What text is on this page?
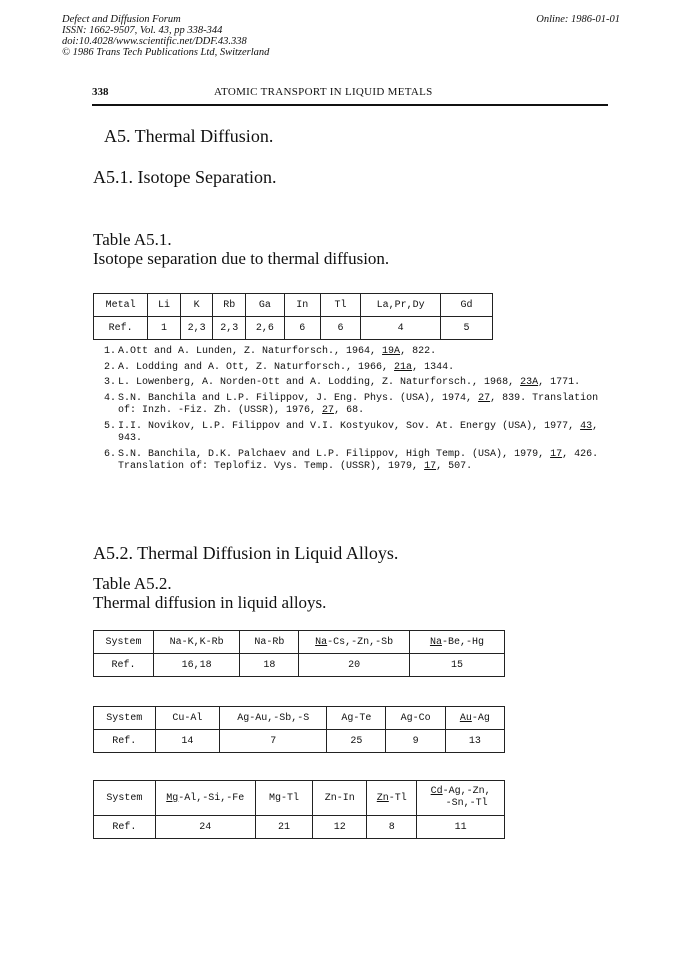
Defect and Diffusion Forum
ISSN: 1662-9507, Vol. 43, pp 338-344
doi:10.4028/www.scientific.net/DDF.43.338
© 1986 Trans Tech Publications Ltd, Switzerland
Online: 1986-01-01
338	ATOMIC TRANSPORT IN LIQUID METALS
A5. Thermal Diffusion.
A5.1. Isotope Separation.
Table A5.1.
Isotope separation due to thermal diffusion.
Metal	Li	K	Rb	Ga	In	Tl	La,Pr,Dy	Gd
Ref.	1	2,3	2,3	2,6	6	6	4	5
1. A.Ott and A. Lunden, Z. Naturforsch., 1964, 19A, 822.
2. A. Lodding and A. Ott, Z. Naturforsch., 1966, 21a, 1344.
3. L. Lowenberg, A. Norden-Ott and A. Lodding, Z. Naturforsch., 1968, 23A, 1771.
4. S.N. Banchila and L.P. Filippov, J. Eng. Phys. (USA), 1974, 27, 839. Translation of: Inzh. -Fiz. Zh. (USSR), 1976, 27, 68.
5. I.I. Novikov, L.P. Filippov and V.I. Kostyukov, Sov. At. Energy (USA), 1977, 43, 943.
6. S.N. Banchila, D.K. Palchaev and L.P. Filippov, High Temp. (USA), 1979, 17, 426. Translation of: Teplofiz. Vys. Temp. (USSR), 1979, 17, 507.
A5.2. Thermal Diffusion in Liquid Alloys.
Table A5.2.
Thermal diffusion in liquid alloys.
System	Na-K,K-Rb	Na-Rb	Na-Cs,-Zn,-Sb	Na-Be,-Hg
Ref.	16,18	18	20	15
System	Cu-Al	Ag-Au,-Sb,-S	Ag-Te	Ag-Co	Au-Ag
Ref.	14	7	25	9	13
System	Mg-Al,-Si,-Fe	Mg-Tl	Zn-In	Zn-Tl	Cd-Ag,-Zn,
-Sn,-Tl
Ref.	24	21	12	8	11
